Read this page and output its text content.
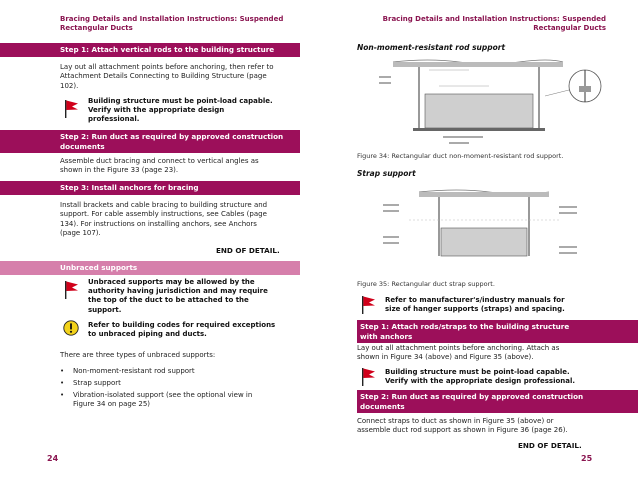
Bracing Details and Installation Instructions: Suspended
Rectangular Ducts
Step 1: Attach vertical rods to the building structure
Lay out all attachment points before anchoring, then refer to
Attachment Details Connecting to Building Structure (page
102).
Building structure must be point-load capable.
Verify with the appropriate design
professional.
Step 2: Run duct as required by approved construction
documents
Assemble duct bracing and connect to vertical angles as
shown in the Figure 33 (page 23).
Step 3: Install anchors for bracing
Install brackets and cable bracing to building structure and
support. For cable assembly instructions, see Cables (page
134). For instructions on installing anchors, see Anchors
(page 107).
END OF DETAIL.
Unbraced supports
Unbraced supports may be allowed by the
authority having jurisdiction and may require
the top of the duct to be attached to the
support.
Refer to building codes for required exceptions
to unbraced piping and ducts.
There are three types of unbraced supports:
• Non-moment-resistant rod support
• Strap support
• Vibration-isolated support (see the optional view in
Figure 34 on page 25)
24
Bracing Details and Installation Instructions: Suspended
Rectangular Ducts
Non-moment-resistant rod support
Figure 34: Rectangular duct non-moment-resistant rod support.
Strap support
Figure 35: Rectangular duct strap support.
Refer to manufacturer's/industry manuals for
size of hanger supports (straps) and spacing.
Step 1: Attach rods/straps to the building structure
with anchors
Lay out all attachment points before anchoring. Attach as
shown in Figure 34 (above) and Figure 35 (above).
Building structure must be point-load capable.
Verify with the appropriate design professional.
Step 2: Run duct as required by approved construction
documents
Connect straps to duct as shown in Figure 35 (above) or
assemble duct rod support as shown in Figure 36 (page 26).
END OF DETAIL.
25
